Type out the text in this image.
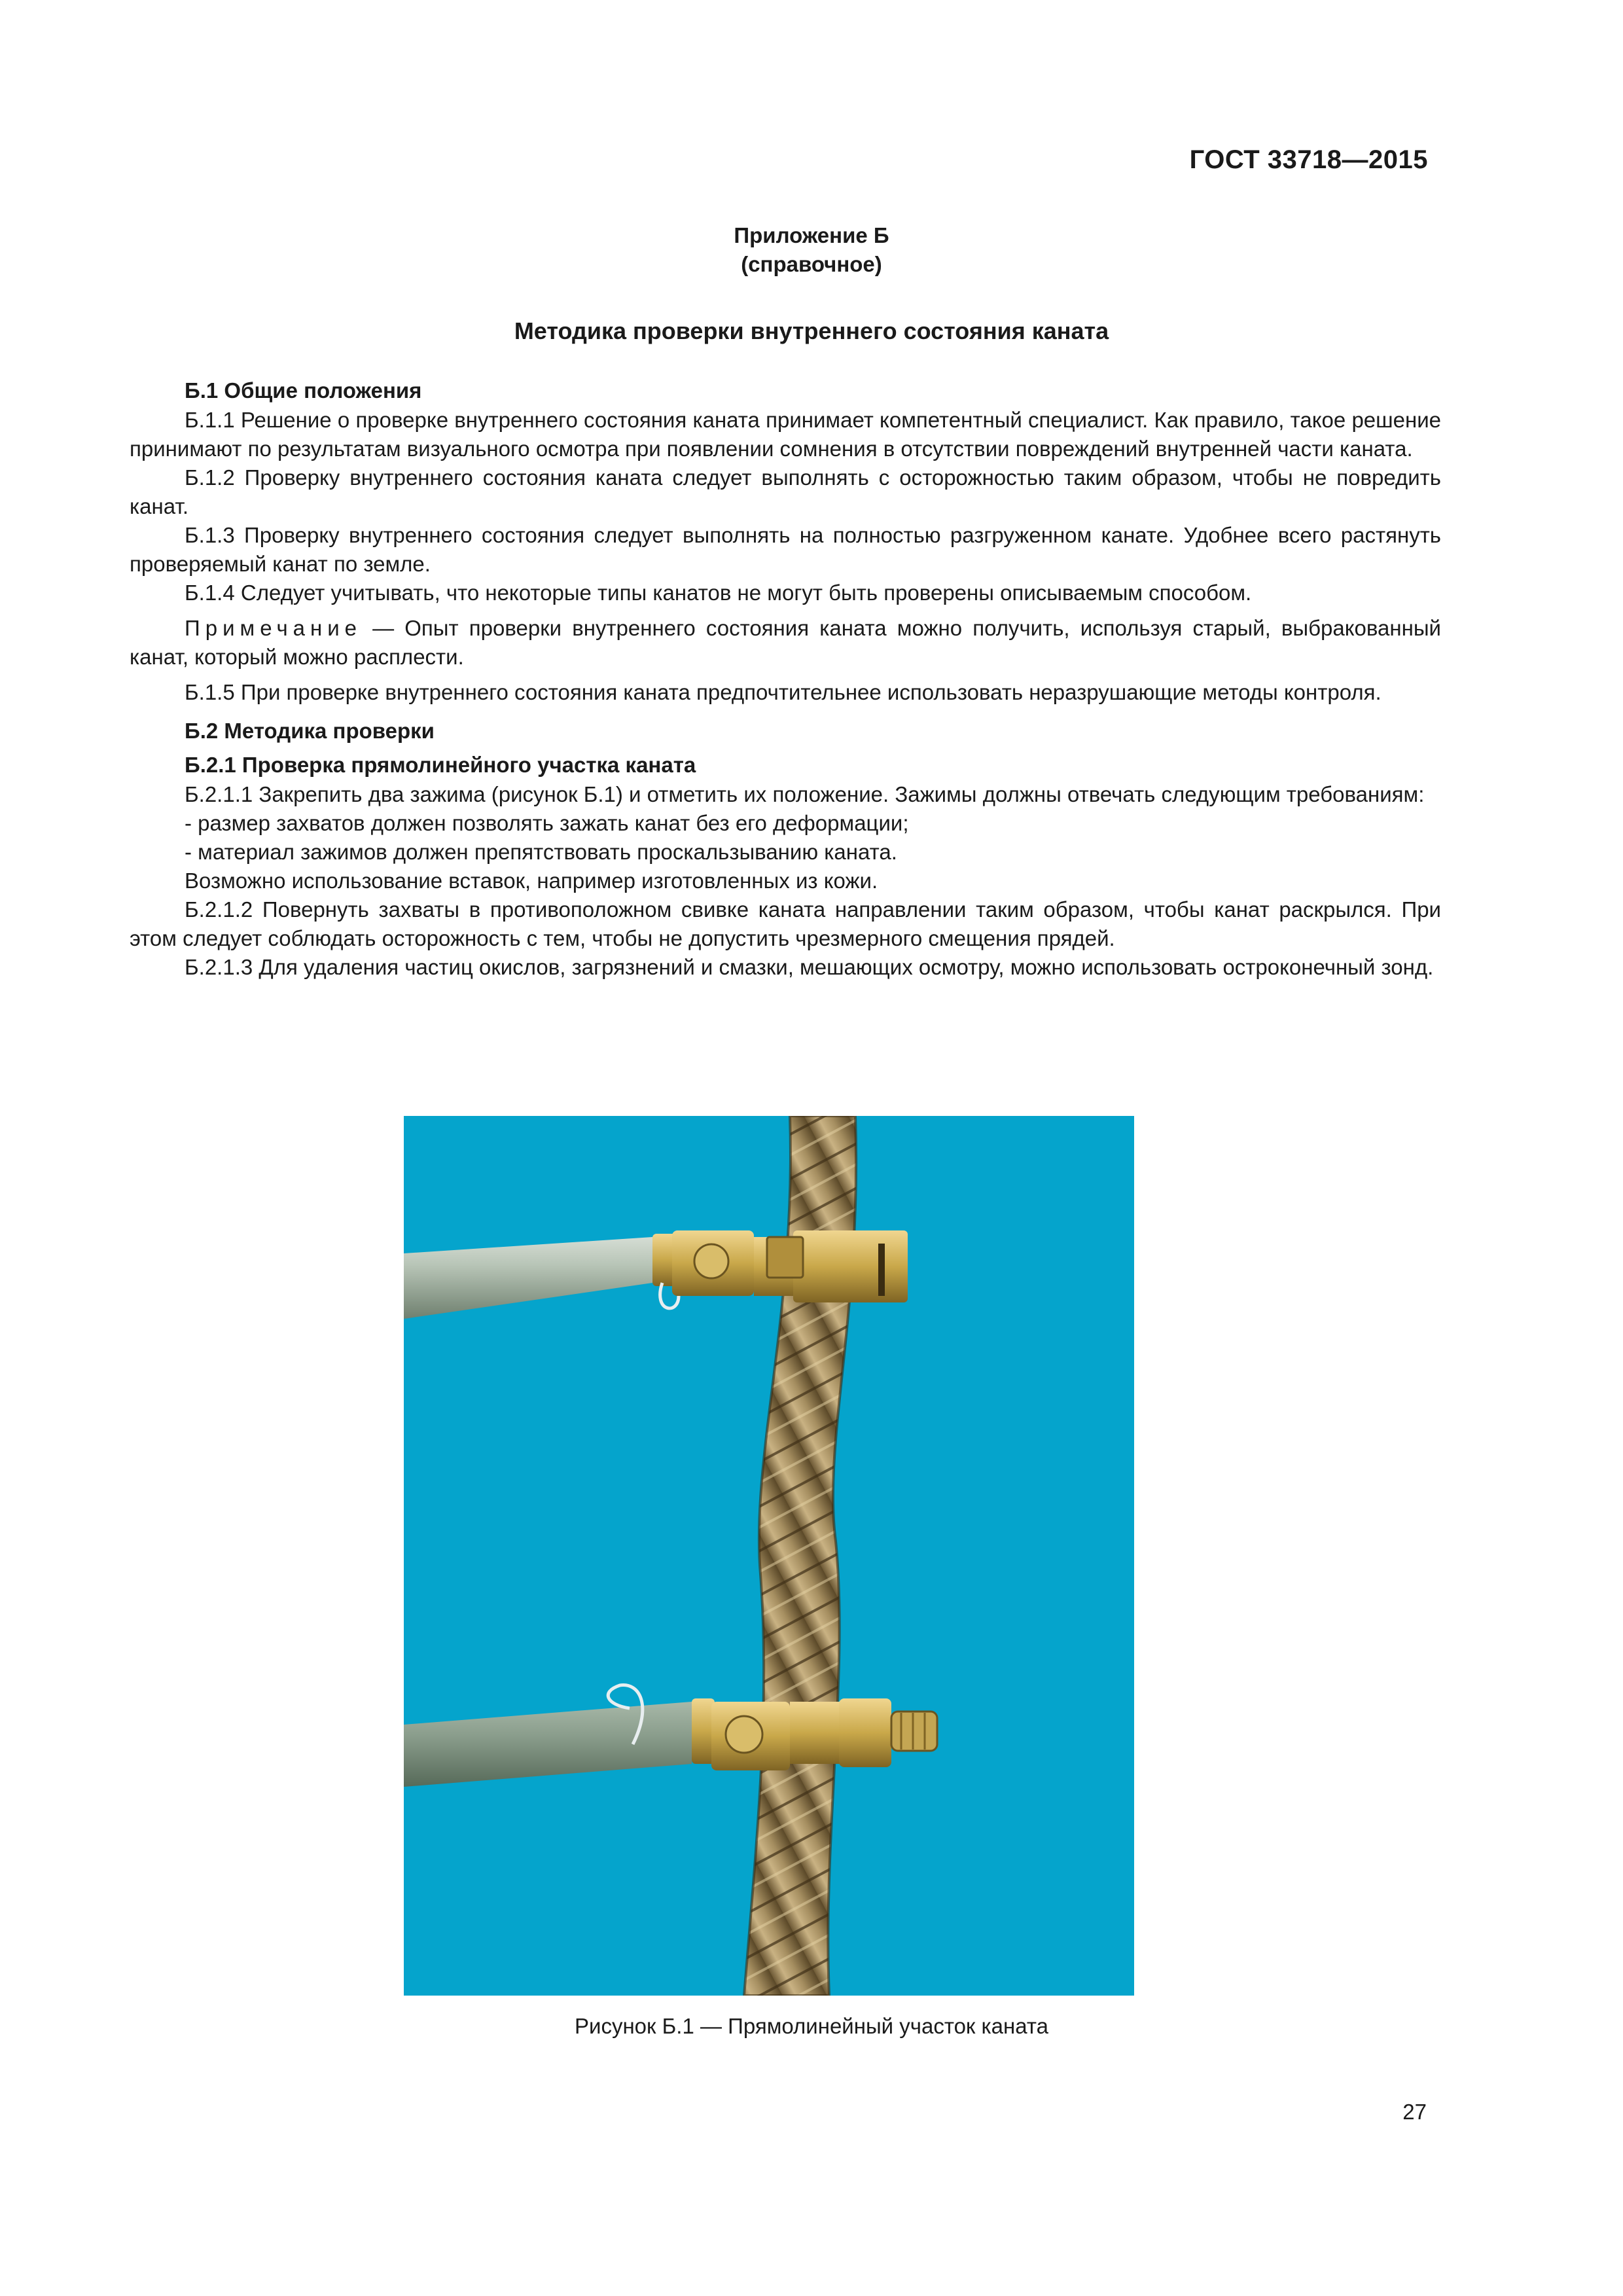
ГОСТ 33718—2015
Приложение Б
(справочное)
Методика проверки внутреннего состояния каната
Б.1 Общие положения

Б.1.1 Решение о проверке внутреннего состояния каната принимает компетентный специалист. Как правило, такое решение принимают по результатам визуального осмотра при появлении сомнения в отсутствии повреждений внутренней части каната.

Б.1.2 Проверку внутреннего состояния каната следует выполнять с осторожностью таким образом, чтобы не повредить канат.

Б.1.3 Проверку внутреннего состояния следует выполнять на полностью разгруженном канате. Удобнее всего растянуть проверяемый канат по земле.

Б.1.4 Следует учитывать, что некоторые типы канатов не могут быть проверены описываемым способом.

Примечание — Опыт проверки внутреннего состояния каната можно получить, используя старый, выбракованный канат, который можно расплести.

Б.1.5 При проверке внутреннего состояния каната предпочтительнее использовать неразрушающие методы контроля.

Б.2 Методика проверки
Б.2.1 Проверка прямолинейного участка каната

Б.2.1.1 Закрепить два зажима (рисунок Б.1) и отметить их положение. Зажимы должны отвечать следующим требованиям:

- размер захватов должен позволять зажать канат без его деформации;

- материал зажимов должен препятствовать проскальзыванию каната.

Возможно использование вставок, например изготовленных из кожи.

Б.2.1.2 Повернуть захваты в противоположном свивке каната направлении таким образом, чтобы канат раскрылся. При этом следует соблюдать осторожность с тем, чтобы не допустить чрезмерного смещения прядей.

Б.2.1.3 Для удаления частиц окислов, загрязнений и смазки, мешающих осмотру, можно использовать остроконечный зонд.

Рисунок Б.1 — Прямолинейный участок каната
27
